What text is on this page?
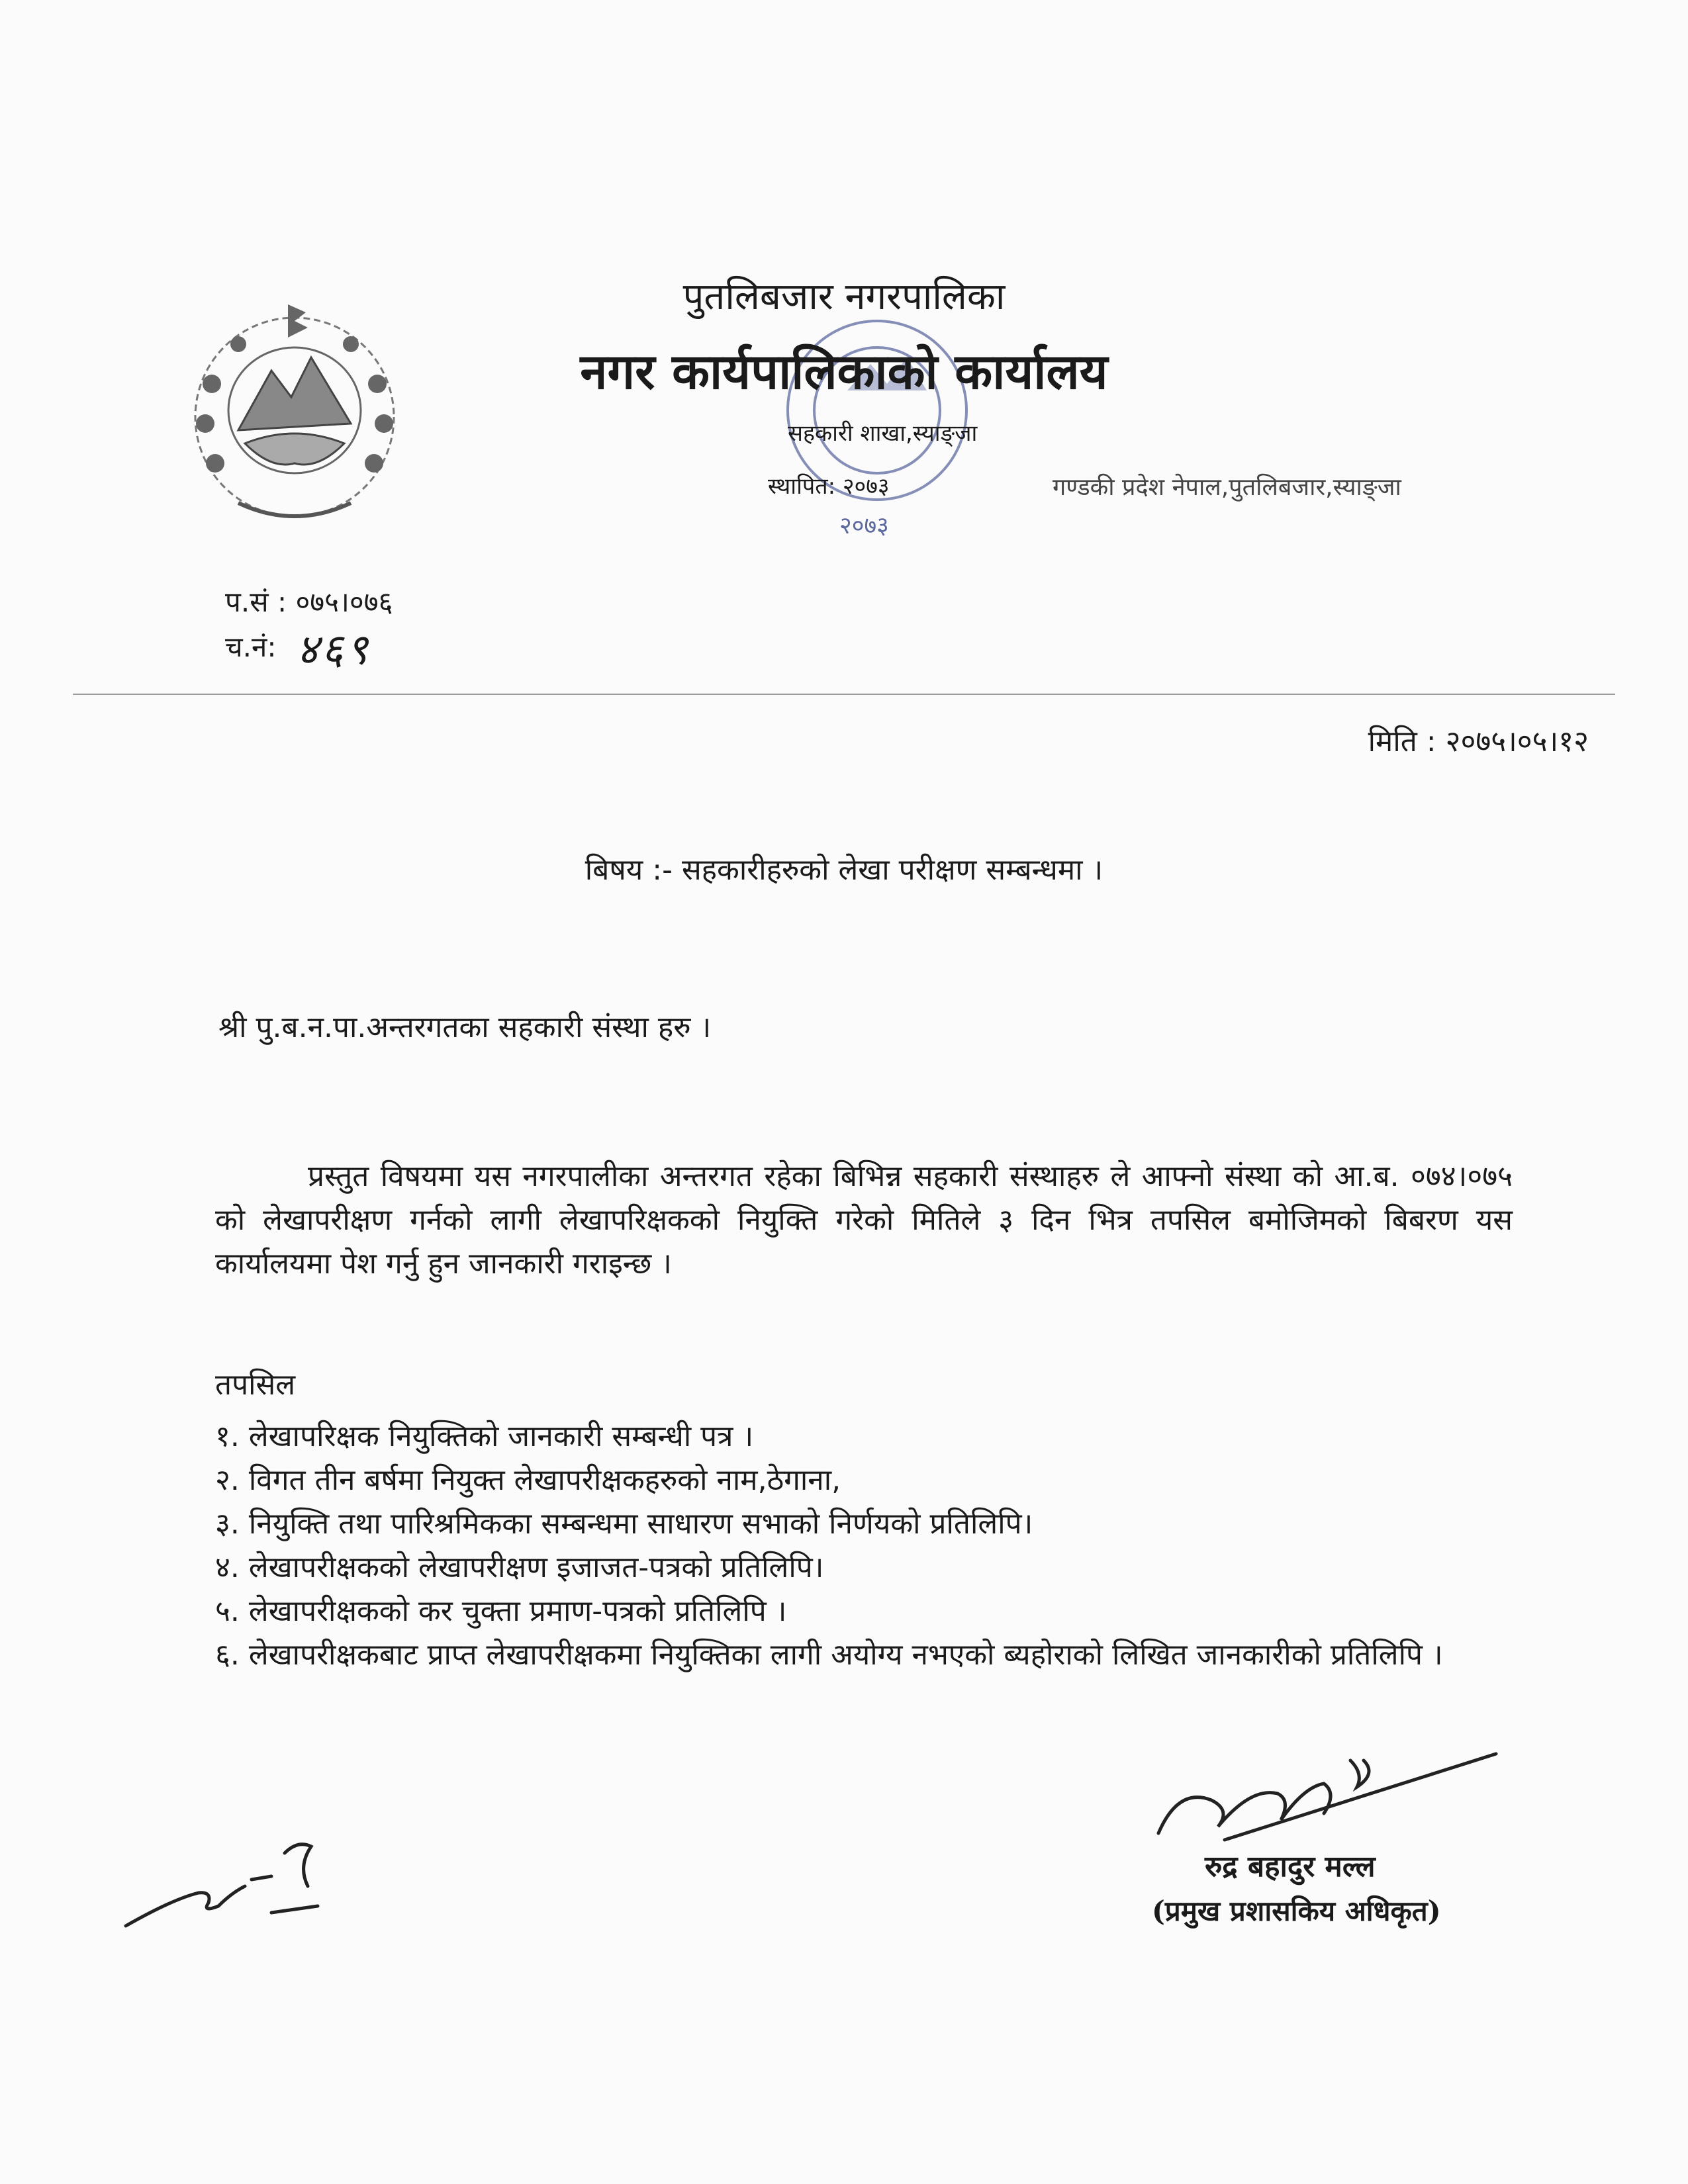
पुतलिबजार नगरपालिका
नगर कार्यपालिकाको कार्यालय
सहकारी शाखा,स्याङ्जा
स्थापित: २०७३	गण्डकी प्रदेश नेपाल,पुतलिबजार,स्याङ्जा
२०७३
प.सं : ०७५।०७६
च.नं: ४६९
मिति : २०७५।०५।१२
बिषय :- सहकारीहरुको लेखा परीक्षण सम्बन्धमा ।
श्री पु.ब.न.पा.अन्तरगतका सहकारी संस्था हरु ।
प्रस्तुत विषयमा यस नगरपालीका अन्तरगत रहेका बिभिन्न सहकारी संस्थाहरु ले आफ्नो संस्था को आ.ब. ०७४।०७५ को लेखापरीक्षण गर्नको लागी लेखापरिक्षकको नियुक्ति गरेको मितिले ३ दिन भित्र तपसिल बमोजिमको बिबरण यस कार्यालयमा पेश गर्नु हुन जानकारी गराइन्छ ।
तपसिल
१. लेखापरिक्षक नियुक्तिको जानकारी सम्बन्धी पत्र ।
२. विगत तीन बर्षमा नियुक्त लेखापरीक्षकहरुको नाम,ठेगाना,
३. नियुक्ति तथा पारिश्रमिकका सम्बन्धमा साधारण सभाको निर्णयको प्रतिलिपि।
४. लेखापरीक्षकको लेखापरीक्षण इजाजत-पत्रको प्रतिलिपि।
५. लेखापरीक्षकको कर चुक्ता प्रमाण-पत्रको प्रतिलिपि ।
६. लेखापरीक्षकबाट प्राप्त लेखापरीक्षकमा नियुक्तिका लागी अयोग्य नभएको ब्यहोराको लिखित जानकारीको प्रतिलिपि ।
रुद्र बहादुर मल्ल
(प्रमुख प्रशासकिय अधिकृत)
